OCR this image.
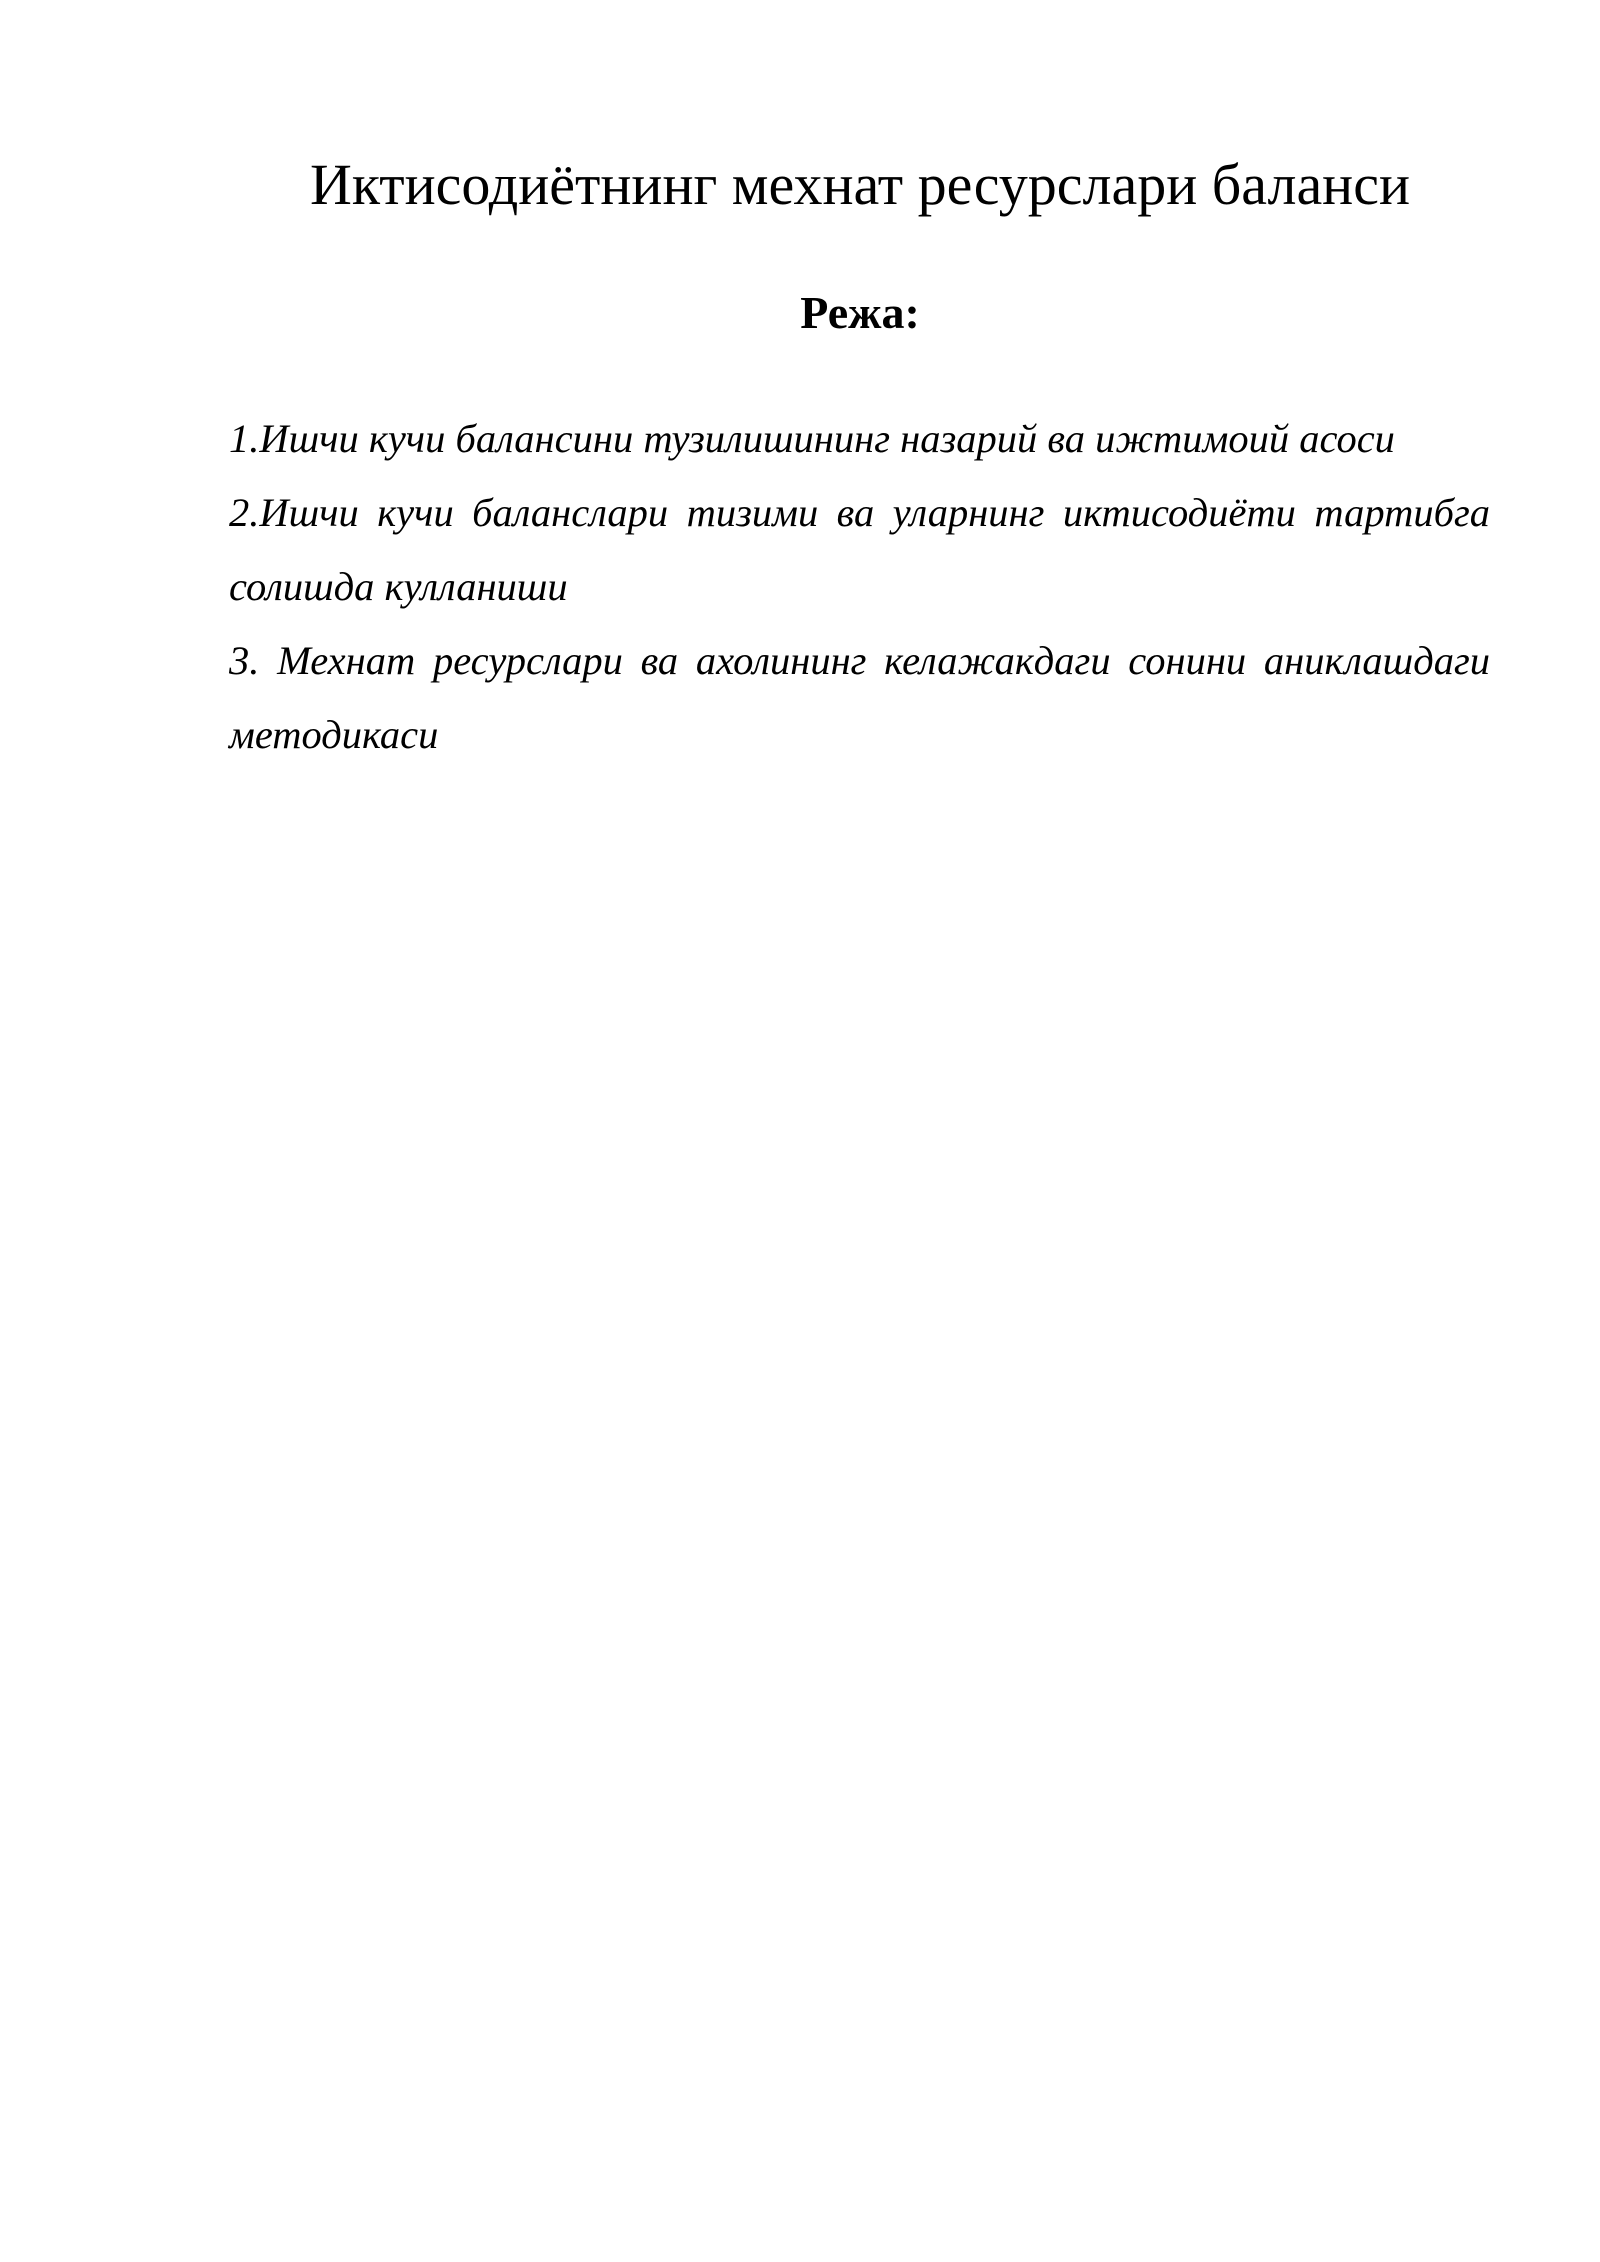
Иктисодиётнинг мехнат ресурслари баланси
Режа:

1.Ишчи кучи балансини тузилишининг назарий ва ижтимоий асоси

2.Ишчи кучи баланслари тизими ва уларнинг иктисодиёти тартибга солишда кулланиши

3. Мехнат ресурслари ва ахолининг келажакдаги сонини аниклашдаги методикаси
